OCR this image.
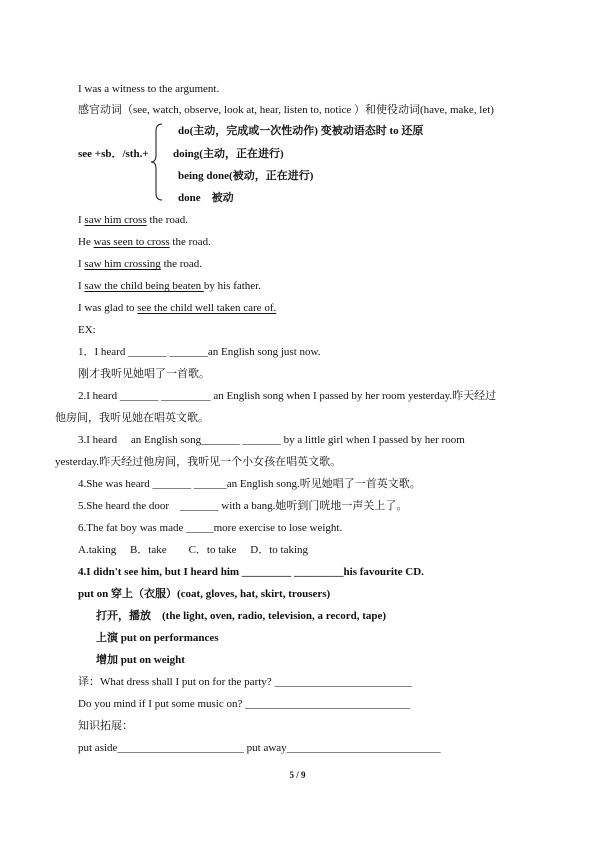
I was a witness to the argument.
感官动词（see, watch, observe, look at, hear, listen to, notice ）和使役动词(have, make, let)
do(主动，完成或一次性动作) 变被动语态时 to 还原
see +sb．/sth.+ doing(主动，正在进行)
being done(被动，正在进行)
done　被动
I saw him cross the road.
He was seen to cross the road.
I saw him crossing the road.
I saw the child being beaten by his father.
I was glad to see the child well taken care of.
EX:
1．I heard _______ _______an English song just now.
刚才我听见她唱了一首歌。
2.I heard _______ _________ an English song when I passed by her room yesterday.昨天经过
他房间，我听见她在唱英文歌。
3.I heard　 an English song_______ _______ by a little girl when I passed by her room
yesterday.昨天经过他房间，我听见一个小女孩在唱英文歌。
4.She was heard _______ ______an English song.听见她唱了一首英文歌。
5.She heard the door　_______ with a bang.她听到门咣地一声关上了。
6.The fat boy was made _____more exercise to lose weight.
A.taking　 B．take　　C．to take　 D．to taking
4.I didn't see him, but I heard him _________ _________his favourite CD.
put on 穿上（衣服）(coat, gloves, hat, skirt, trousers)
打开，播放　(the light, oven, radio, television, a record, tape)
上演 put on performances
增加 put on weight
译：What dress shall I put on for the party? _________________________
Do you mind if I put some music on? ______________________________
知识拓展：
put aside_______________________ put away____________________________
5 / 9
